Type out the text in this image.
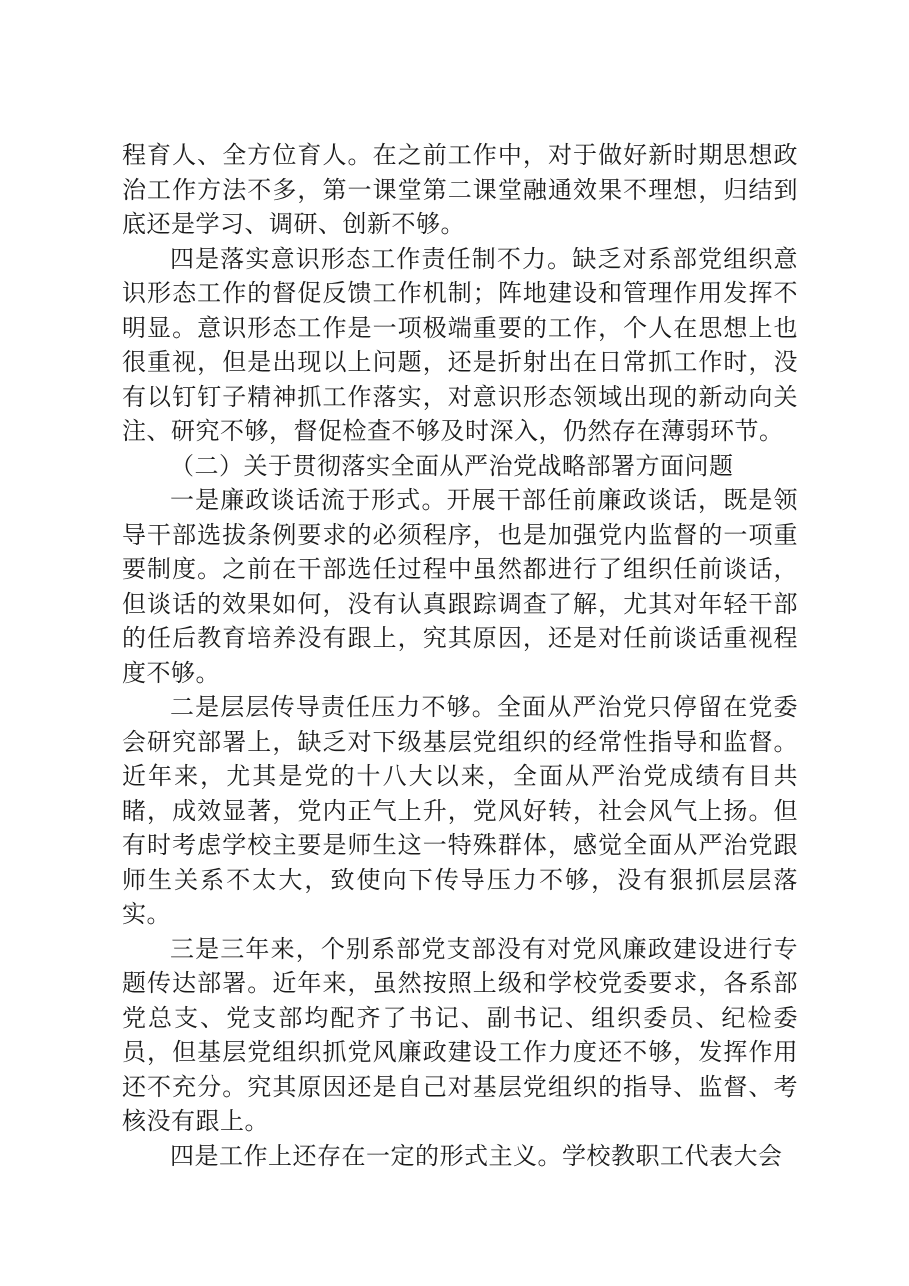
程育人、全方位育人。在之前工作中，对于做好新时期思想政治工作方法不多，第一课堂第二课堂融通效果不理想，归结到底还是学习、调研、创新不够。

四是落实意识形态工作责任制不力。缺乏对系部党组织意识形态工作的督促反馈工作机制；阵地建设和管理作用发挥不明显。意识形态工作是一项极端重要的工作，个人在思想上也很重视，但是出现以上问题，还是折射出在日常抓工作时，没有以钉钉子精神抓工作落实，对意识形态领域出现的新动向关注、研究不够，督促检查不够及时深入，仍然存在薄弱环节。

（二）关于贯彻落实全面从严治党战略部署方面问题

一是廉政谈话流于形式。开展干部任前廉政谈话，既是领导干部选拔条例要求的必须程序，也是加强党内监督的一项重要制度。之前在干部选任过程中虽然都进行了组织任前谈话，但谈话的效果如何，没有认真跟踪调查了解，尤其对年轻干部的任后教育培养没有跟上，究其原因，还是对任前谈话重视程度不够。

二是层层传导责任压力不够。全面从严治党只停留在党委会研究部署上，缺乏对下级基层党组织的经常性指导和监督。近年来，尤其是党的十八大以来，全面从严治党成绩有目共睹，成效显著，党内正气上升，党风好转，社会风气上扬。但有时考虑学校主要是师生这一特殊群体，感觉全面从严治党跟师生关系不太大，致使向下传导压力不够，没有狠抓层层落实。

三是三年来，个别系部党支部没有对党风廉政建设进行专题传达部署。近年来，虽然按照上级和学校党委要求，各系部党总支、党支部均配齐了书记、副书记、组织委员、纪检委员，但基层党组织抓党风廉政建设工作力度还不够，发挥作用还不充分。究其原因还是自己对基层党组织的指导、监督、考核没有跟上。

四是工作上还存在一定的形式主义。学校教职工代表大会
